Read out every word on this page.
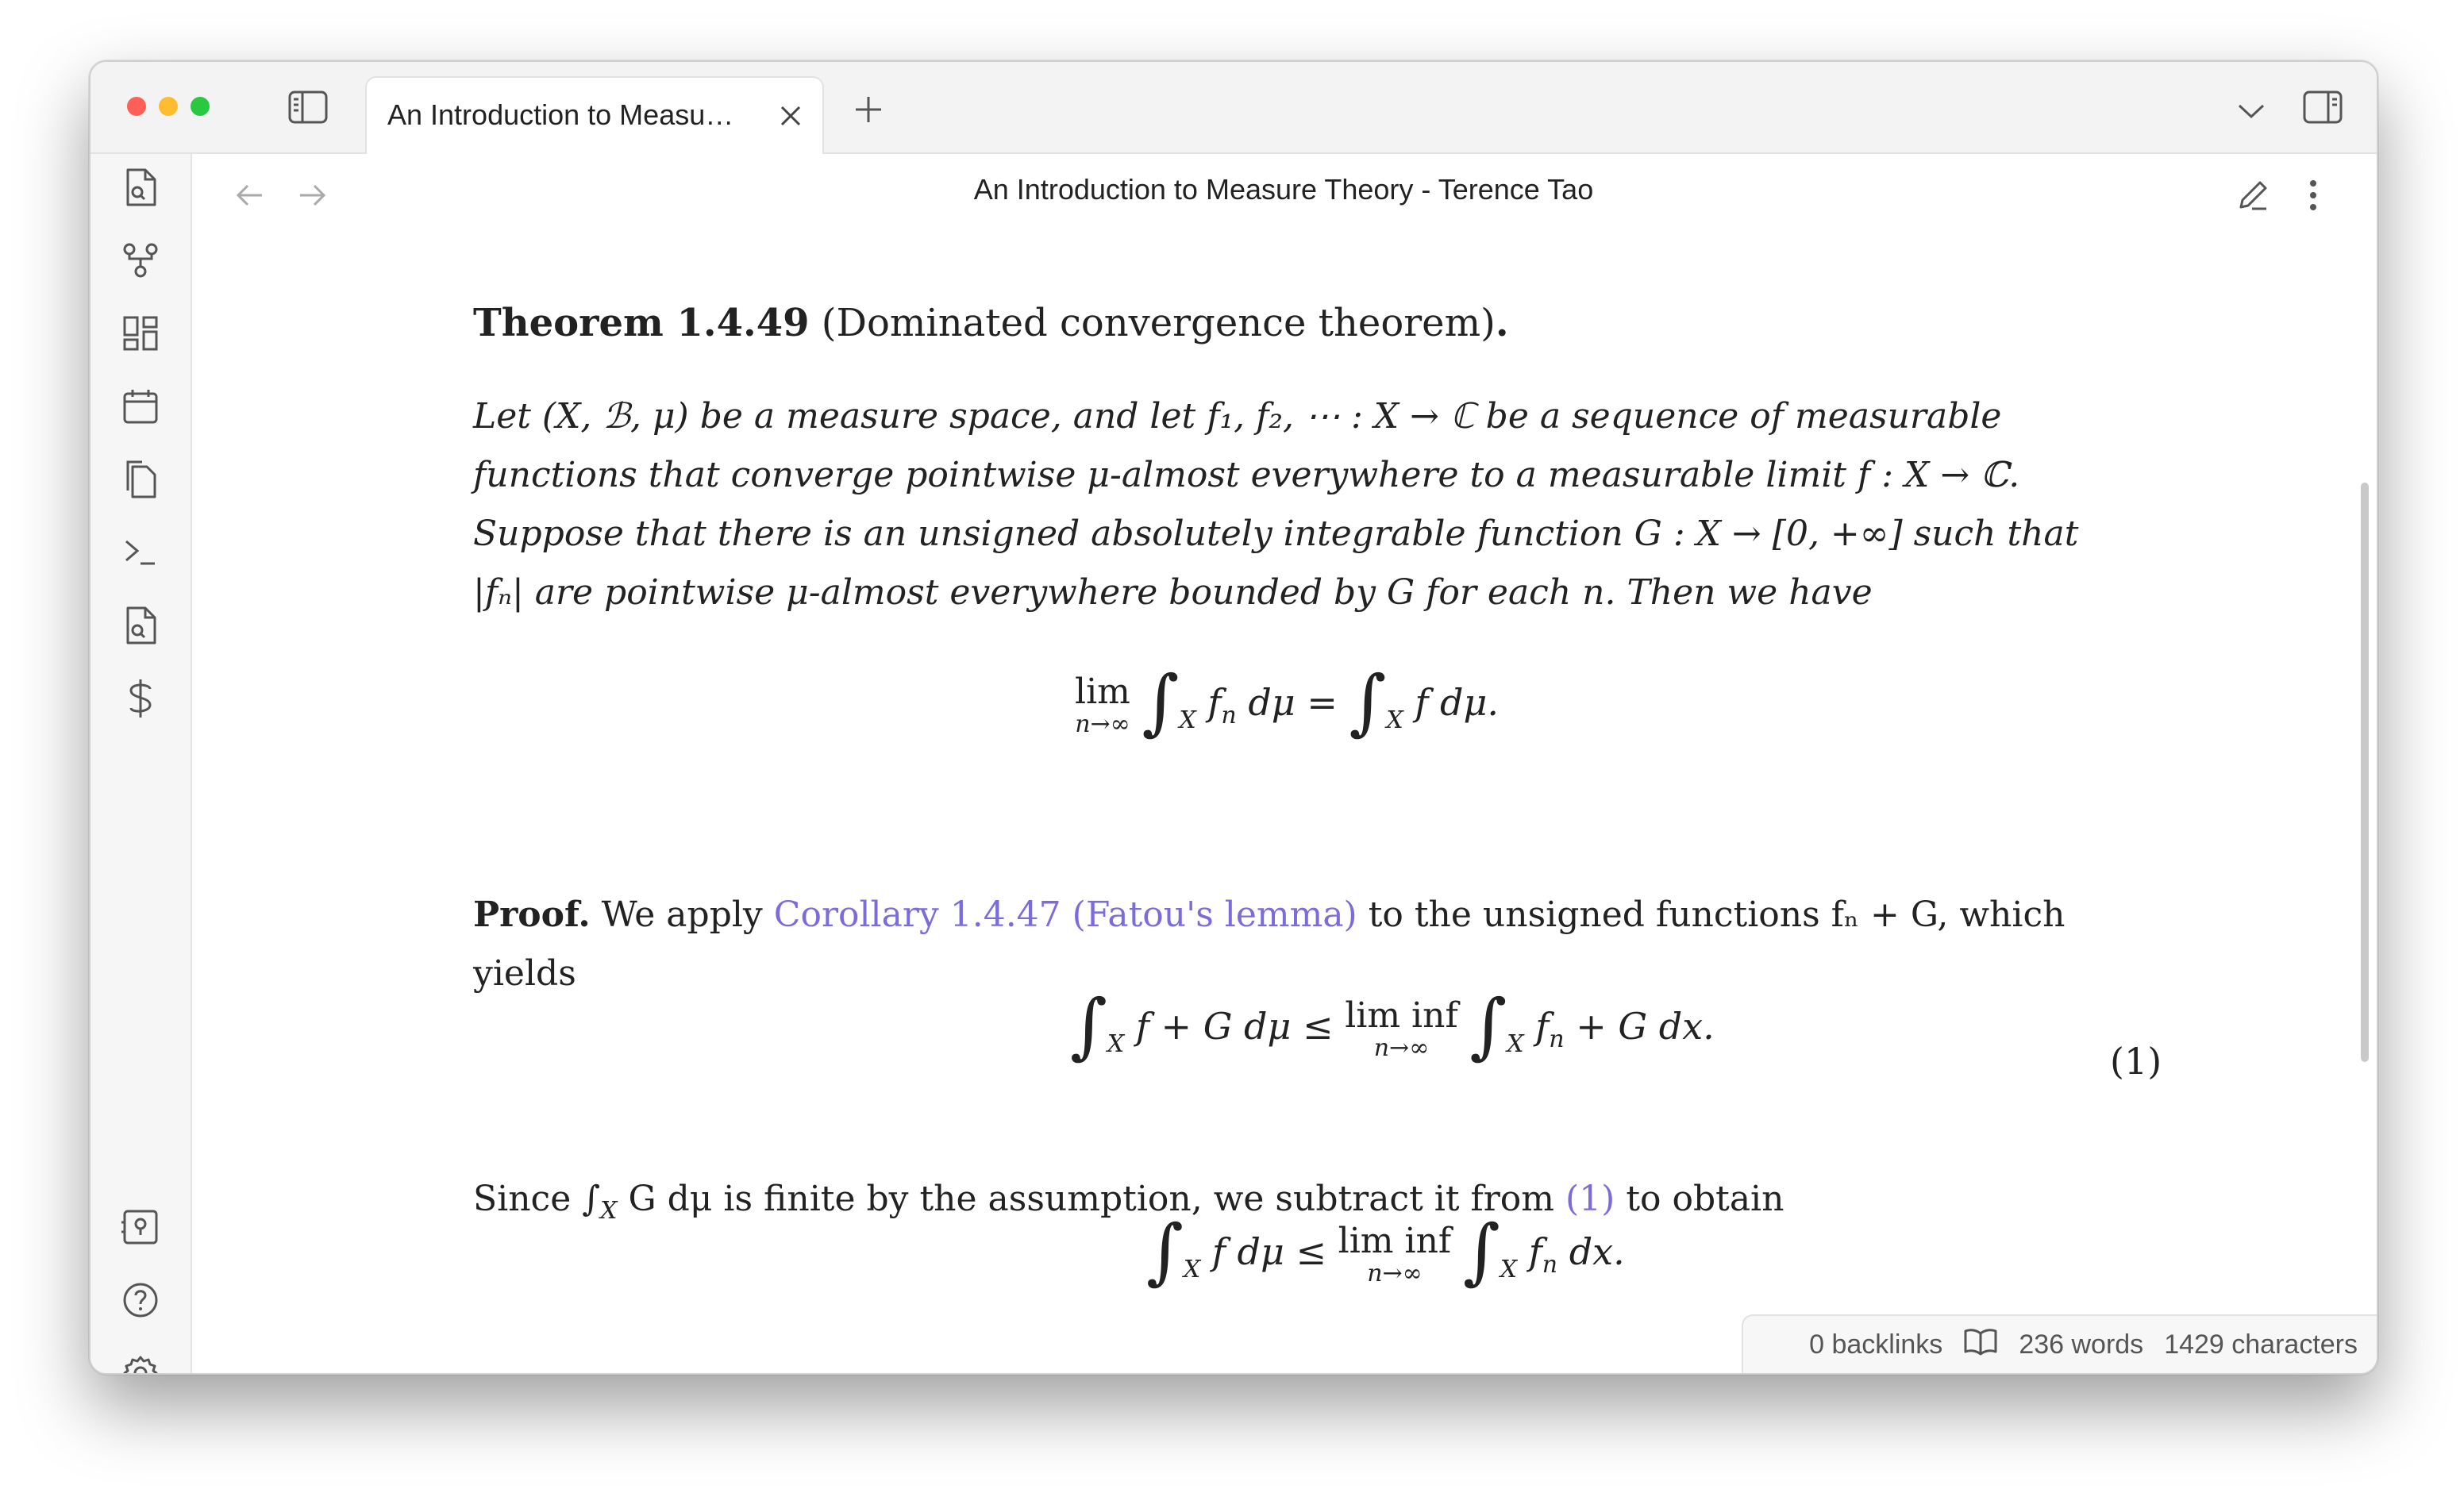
An Introduction to Measu…
An Introduction to Measure Theory - Terence Tao
Theorem 1.4.49 (Dominated convergence theorem).
Let (X, ℬ, μ) be a measure space, and let f₁, f₂, ⋯ : X → ℂ be a sequence of measurable
functions that converge pointwise μ-almost everywhere to a measurable limit f : X → ℂ.
Suppose that there is an unsigned absolutely integrable function G : X → [0, +∞] such that
|fₙ| are pointwise μ-almost everywhere bounded by G for each n. Then we have
lim
n→∞ $\int_X$ $f_n$ $d\mu = \int_X$ f dμ.
Proof. We apply Corollary 1.4.47 (Fatou's lemma) to the unsigned functions fₙ + G, which
yields
$\int_X$ f + G dμ ≤ lim inf
n→∞ $\int_X$ $f_n + G$ dx.
(1)
Since $\int_X$ G dμ is finite by the assumption, we subtract it from (1) to obtain
$\int_X$ f dμ ≤ lim inf
n→∞ $\int_X$ $f_n$ dx.
0 backlinks	236 words 1429 characters
